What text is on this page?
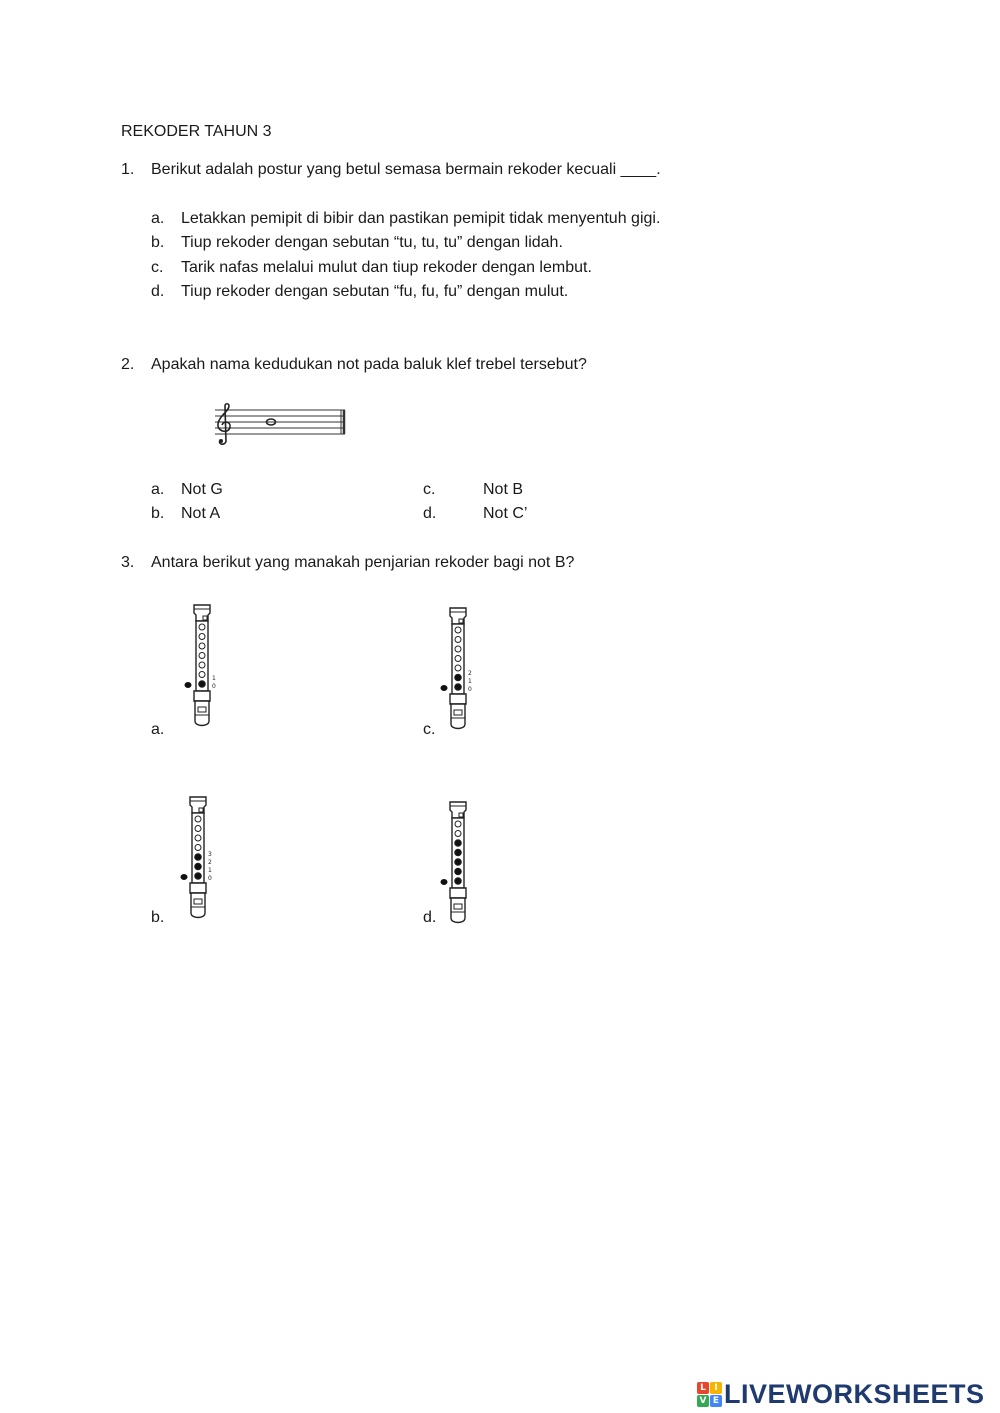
REKODER TAHUN 3
1. Berikut adalah postur yang betul semasa bermain rekoder kecuali ____.
a. Letakkan pemipit di bibir dan pastikan pemipit tidak menyentuh gigi.
b. Tiup rekoder dengan sebutan “tu, tu, tu” dengan lidah.
c. Tarik nafas melalui mulut dan tiup rekoder dengan lembut.
d. Tiup rekoder dengan sebutan “fu, fu, fu” dengan mulut.
2. Apakah nama kedudukan not pada baluk klef trebel tersebut?
a. Not G
b. Not A
c.	Not B
d.	Not C’
3. Antara berikut yang manakah penjarian rekoder bagi not B?
a.
1
0
c.
2
1
0
b.
3
2
1
0
d.
L I
V E LIVEWORKSHEETS
